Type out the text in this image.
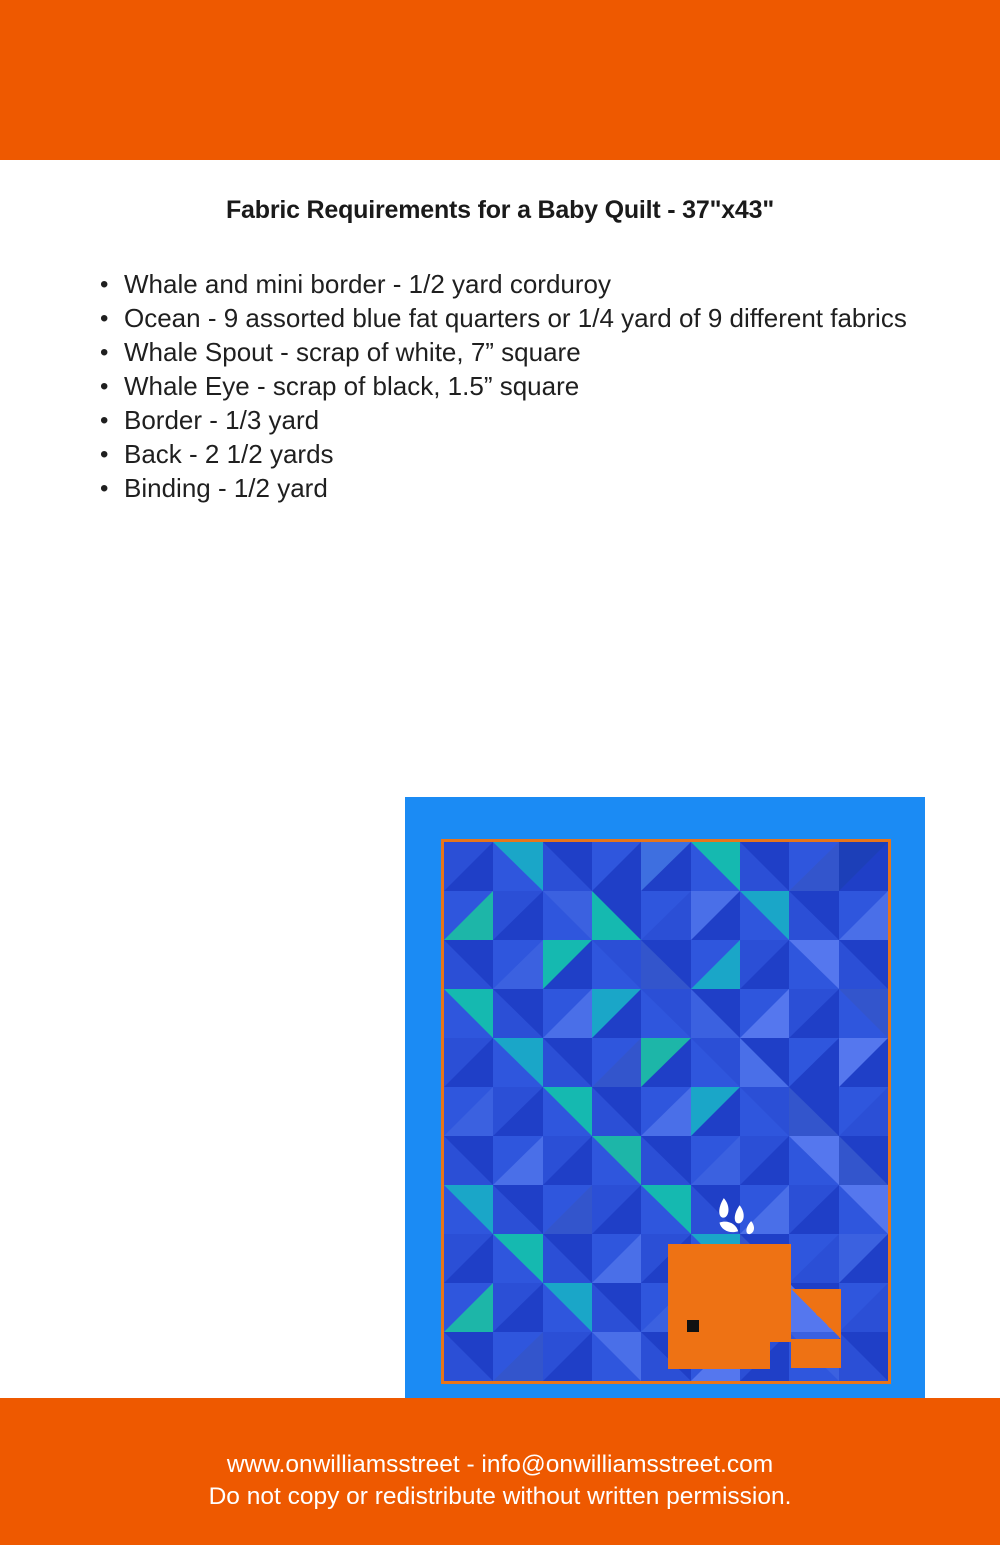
Fabric Requirements for a Baby Quilt - 37"x43"
• Whale and mini border - 1/2 yard corduroy
• Ocean - 9 assorted blue fat quarters or 1/4 yard of 9 different fabrics
• Whale Spout - scrap of white, 7” square
• Whale Eye - scrap of black, 1.5” square
• Border - 1/3 yard
• Back - 2 1/2 yards
• Binding - 1/2 yard
www.onwilliamsstreet - info@onwilliamsstreet.com
Do not copy or redistribute without written permission.
